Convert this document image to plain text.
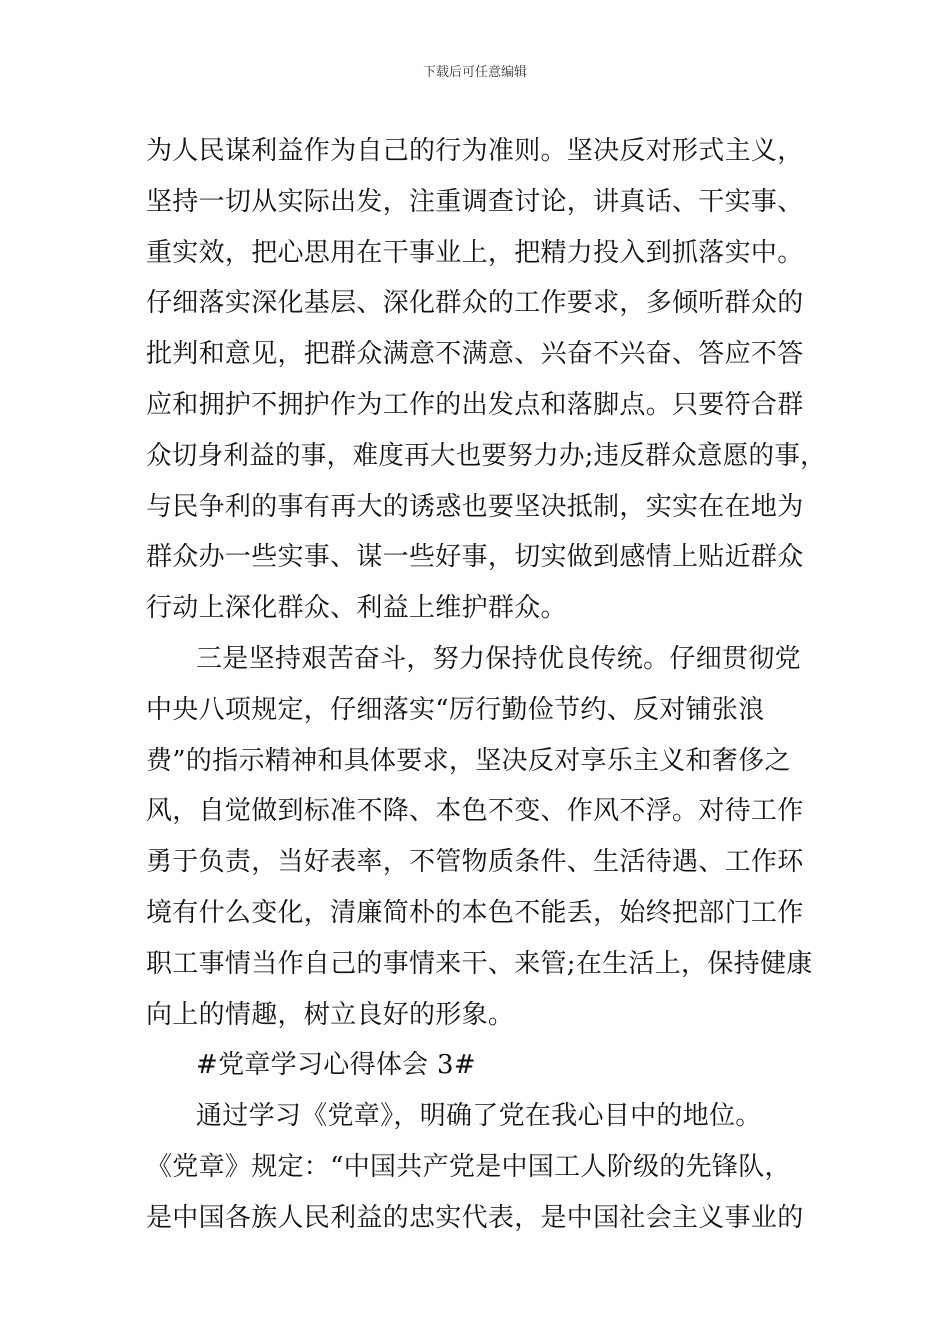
下载后可任意编辑
为人民谋利益作为自己的行为准则。坚决反对形式主义，
坚持一切从实际出发，注重调查讨论，讲真话、干实事、
重实效，把心思用在干事业上，把精力投入到抓落实中。
仔细落实深化基层、深化群众的工作要求，多倾听群众的
批判和意见，把群众满意不满意、兴奋不兴奋、答应不答
应和拥护不拥护作为工作的出发点和落脚点。只要符合群
众切身利益的事，难度再大也要努力办;违反群众意愿的事，
与民争利的事有再大的诱惑也要坚决抵制，实实在在地为
群众办一些实事、谋一些好事，切实做到感情上贴近群众
行动上深化群众、利益上维护群众。
三是坚持艰苦奋斗，努力保持优良传统。仔细贯彻党
中央八项规定，仔细落实“厉行勤俭节约、反对铺张浪
费”的指示精神和具体要求，坚决反对享乐主义和奢侈之
风，自觉做到标准不降、本色不变、作风不浮。对待工作
勇于负责，当好表率，不管物质条件、生活待遇、工作环
境有什么变化，清廉简朴的本色不能丢，始终把部门工作
职工事情当作自己的事情来干、来管;在生活上，保持健康
向上的情趣，树立良好的形象。
#党章学习心得体会 3#
通过学习《党章》，明确了党在我心目中的地位。
《党章》规定：“中国共产党是中国工人阶级的先锋队，
是中国各族人民利益的忠实代表，是中国社会主义事业的
